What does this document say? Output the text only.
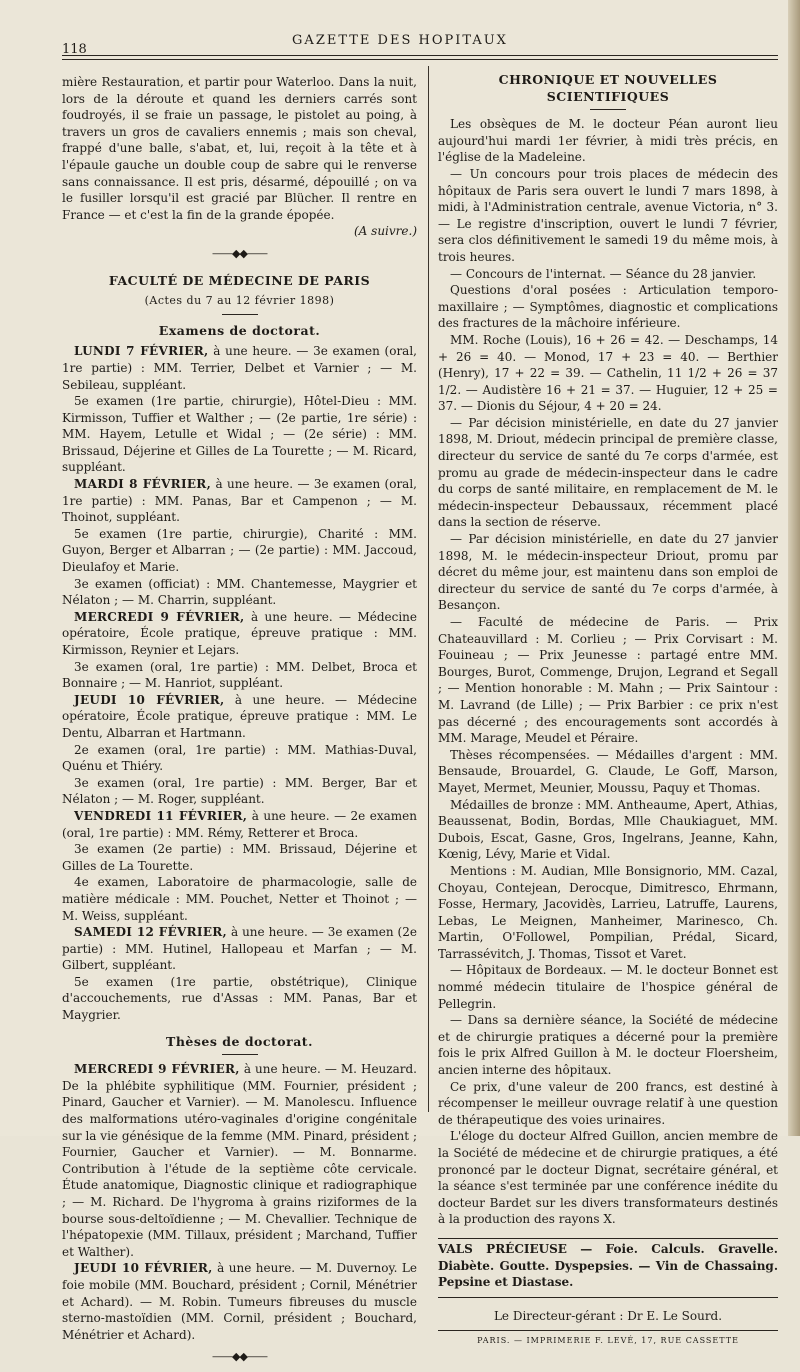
118
GAZETTE DES HOPITAUX

mière Restauration, et partir pour Waterloo. Dans la nuit, lors de la déroute et quand les derniers carrés sont foudroyés, il se fraie un passage, le pistolet au poing, à travers un gros de cavaliers ennemis ; mais son cheval, frappé d'une balle, s'abat, et, lui, reçoit à la tête et à l'épaule gauche un double coup de sabre qui le renverse sans connaissance. Il est pris, désarmé, dépouillé ; on va le fusiller lorsqu'il est gracié par Blücher. Il rentre en France — et c'est la fin de la grande épopée.

(A suivre.)

——◆◆——
FACULTÉ DE MÉDECINE DE PARIS
(Actes du 7 au 12 février 1898)
Examens de doctorat.

LUNDI 7 FÉVRIER, à une heure. — 3e examen (oral, 1re partie) : MM. Terrier, Delbet et Varnier ; — M. Sebileau, suppléant.

5e examen (1re partie, chirurgie), Hôtel-Dieu : MM. Kirmisson, Tuffier et Walther ; — (2e partie, 1re série) : MM. Hayem, Letulle et Widal ; — (2e série) : MM. Brissaud, Déjerine et Gilles de La Tourette ; — M. Ricard, suppléant.

MARDI 8 FÉVRIER, à une heure. — 3e examen (oral, 1re partie) : MM. Panas, Bar et Campenon ; — M. Thoinot, suppléant.

5e examen (1re partie, chirurgie), Charité : MM. Guyon, Berger et Albarran ; — (2e partie) : MM. Jaccoud, Dieulafoy et Marie.

3e examen (officiat) : MM. Chantemesse, Maygrier et Nélaton ; — M. Charrin, suppléant.

MERCREDI 9 FÉVRIER, à une heure. — Médecine opératoire, École pratique, épreuve pratique : MM. Kirmisson, Reynier et Lejars.

3e examen (oral, 1re partie) : MM. Delbet, Broca et Bonnaire ; — M. Hanriot, suppléant.

JEUDI 10 FÉVRIER, à une heure. — Médecine opératoire, École pratique, épreuve pratique : MM. Le Dentu, Albarran et Hartmann.

2e examen (oral, 1re partie) : MM. Mathias-Duval, Quénu et Thiéry.

3e examen (oral, 1re partie) : MM. Berger, Bar et Nélaton ; — M. Roger, suppléant.

VENDREDI 11 FÉVRIER, à une heure. — 2e examen (oral, 1re partie) : MM. Rémy, Retterer et Broca.

3e examen (2e partie) : MM. Brissaud, Déjerine et Gilles de La Tourette.

4e examen, Laboratoire de pharmacologie, salle de matière médicale : MM. Pouchet, Netter et Thoinot ; — M. Weiss, suppléant.

SAMEDI 12 FÉVRIER, à une heure. — 3e examen (2e partie) : MM. Hutinel, Hallopeau et Marfan ; — M. Gilbert, suppléant.

5e examen (1re partie, obstétrique), Clinique d'accouchements, rue d'Assas : MM. Panas, Bar et Maygrier.

Thèses de doctorat.

MERCREDI 9 FÉVRIER, à une heure. — M. Heuzard. De la phlébite syphilitique (MM. Fournier, président ; Pinard, Gaucher et Varnier). — M. Manolescu. Influence des malformations utéro-vaginales d'origine congénitale sur la vie génésique de la femme (MM. Pinard, président ; Fournier, Gaucher et Varnier). — M. Bonnarme. Contribution à l'étude de la septième côte cervicale. Étude anatomique, Diagnostic clinique et radiographique ; — M. Richard. De l'hygroma à grains riziformes de la bourse sous-deltoïdienne ; — M. Chevallier. Technique de l'hépatopexie (MM. Tillaux, président ; Marchand, Tuffier et Walther).

JEUDI 10 FÉVRIER, à une heure. — M. Duvernoy. Le foie mobile (MM. Bouchard, président ; Cornil, Ménétrier et Achard). — M. Robin. Tumeurs fibreuses du muscle sterno-mastoïdien (MM. Cornil, président ; Bouchard, Ménétrier et Achard).

——◆◆——
CHRONIQUE ET NOUVELLES SCIENTIFIQUES

Les obsèques de M. le docteur Péan auront lieu aujourd'hui mardi 1er février, à midi très précis, en l'église de la Madeleine.

— Un concours pour trois places de médecin des hôpitaux de Paris sera ouvert le lundi 7 mars 1898, à midi, à l'Administration centrale, avenue Victoria, n° 3. — Le registre d'inscription, ouvert le lundi 7 février, sera clos définitivement le samedi 19 du même mois, à trois heures.

— Concours de l'internat. — Séance du 28 janvier.

Questions d'oral posées : Articulation temporo-maxillaire ; — Symptômes, diagnostic et complications des fractures de la mâchoire inférieure.

MM. Roche (Louis), 16 + 26 = 42. — Deschamps, 14 + 26 = 40. — Monod, 17 + 23 = 40. — Berthier (Henry), 17 + 22 = 39. — Cathelin, 11 1/2 + 26 = 37 1/2. — Audistère 16 + 21 = 37. — Huguier, 12 + 25 = 37. — Dionis du Séjour, 4 + 20 = 24.

— Par décision ministérielle, en date du 27 janvier 1898, M. Driout, médecin principal de première classe, directeur du service de santé du 7e corps d'armée, est promu au grade de médecin-inspecteur dans le cadre du corps de santé militaire, en remplacement de M. le médecin-inspecteur Debaussaux, récemment placé dans la section de réserve.

— Par décision ministérielle, en date du 27 janvier 1898, M. le médecin-inspecteur Driout, promu par décret du même jour, est maintenu dans son emploi de directeur du service de santé du 7e corps d'armée, à Besançon.

— Faculté de médecine de Paris. — Prix Chateauvillard : M. Corlieu ; — Prix Corvisart : M. Fouineau ; — Prix Jeunesse : partagé entre MM. Bourges, Burot, Commenge, Drujon, Legrand et Segall ; — Mention honorable : M. Mahn ; — Prix Saintour : M. Lavrand (de Lille) ; — Prix Barbier : ce prix n'est pas décerné ; des encouragements sont accordés à MM. Marage, Meudel et Péraire.

Thèses récompensées. — Médailles d'argent : MM. Bensaude, Brouardel, G. Claude, Le Goff, Marson, Mayet, Mermet, Meunier, Moussu, Paquy et Thomas.

Médailles de bronze : MM. Antheaume, Apert, Athias, Beaussenat, Bodin, Bordas, Mlle Chaukiaguet, MM. Dubois, Escat, Gasne, Gros, Ingelrans, Jeanne, Kahn, Kœnig, Lévy, Marie et Vidal.

Mentions : M. Audian, Mlle Bonsignorio, MM. Cazal, Choyau, Contejean, Derocque, Dimitresco, Ehrmann, Fosse, Hermary, Jacovidès, Larrieu, Latruffe, Laurens, Lebas, Le Meignen, Manheimer, Marinesco, Ch. Martin, O'Followel, Pompilian, Prédal, Sicard, Tarrassévitch, J. Thomas, Tissot et Varet.

— Hôpitaux de Bordeaux. — M. le docteur Bonnet est nommé médecin titulaire de l'hospice général de Pellegrin.

— Dans sa dernière séance, la Société de médecine et de chirurgie pratiques a décerné pour la première fois le prix Alfred Guillon à M. le docteur Floersheim, ancien interne des hôpitaux.

Ce prix, d'une valeur de 200 francs, est destiné à récompenser le meilleur ouvrage relatif à une question de thérapeutique des voies urinaires.

L'éloge du docteur Alfred Guillon, ancien membre de la Société de médecine et de chirurgie pratiques, a été prononcé par le docteur Dignat, secrétaire général, et la séance s'est terminée par une conférence inédite du docteur Bardet sur les divers transformateurs destinés à la production des rayons X.

VALS PRÉCIEUSE — Foie. Calculs. Gravelle. Diabète. Goutte. Dyspepsies. — Vin de Chassaing. Pepsine et Diastase.

Le Directeur-gérant : Dr E. Le Sourd.
PARIS. — IMPRIMERIE F. LEVÉ, 17, RUE CASSETTE
